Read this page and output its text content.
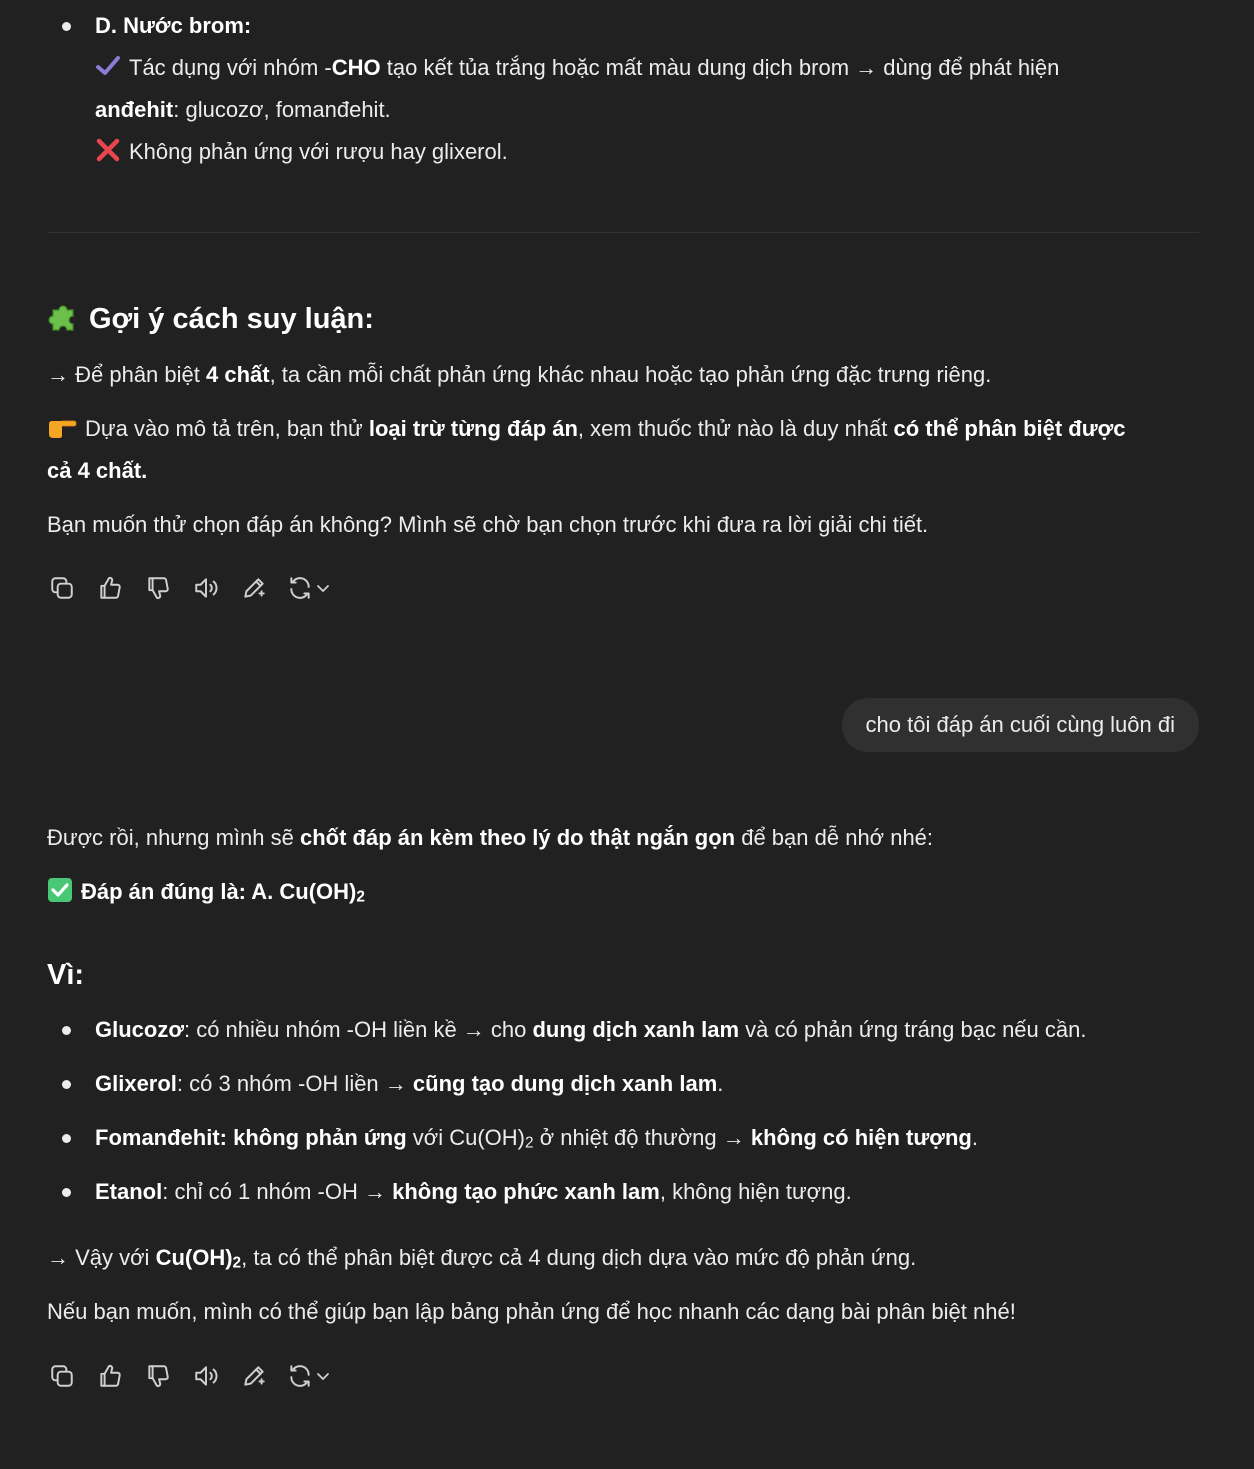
D. Nước brom:
Tác dụng với nhóm -CHO tạo kết tủa trắng hoặc mất màu dung dịch brom → dùng để phát hiện
anđehit: glucozơ, fomanđehit.
Không phản ứng với rượu hay glixerol.
Gợi ý cách suy luận:
→ Để phân biệt 4 chất, ta cần mỗi chất phản ứng khác nhau hoặc tạo phản ứng đặc trưng riêng.
Dựa vào mô tả trên, bạn thử loại trừ từng đáp án, xem thuốc thử nào là duy nhất có thể phân biệt được
cả 4 chất.
Bạn muốn thử chọn đáp án không? Mình sẽ chờ bạn chọn trước khi đưa ra lời giải chi tiết.
cho tôi đáp án cuối cùng luôn đi
Được rồi, nhưng mình sẽ chốt đáp án kèm theo lý do thật ngắn gọn để bạn dễ nhớ nhé:
Đáp án đúng là: A. $Cu(OH)_2$
Vì:
Glucozơ: có nhiều nhóm -OH liền kề → cho dung dịch xanh lam và có phản ứng tráng bạc nếu cần.
Glixerol: có 3 nhóm -OH liền → cũng tạo dung dịch xanh lam.
Fomanđehit: không phản ứng với $Cu(OH)_2$ ở nhiệt độ thường → không có hiện tượng.
Etanol: chỉ có 1 nhóm -OH → không tạo phức xanh lam, không hiện tượng.
→ Vậy với $Cu(OH)_2$, ta có thể phân biệt được cả 4 dung dịch dựa vào mức độ phản ứng.
Nếu bạn muốn, mình có thể giúp bạn lập bảng phản ứng để học nhanh các dạng bài phân biệt nhé!
